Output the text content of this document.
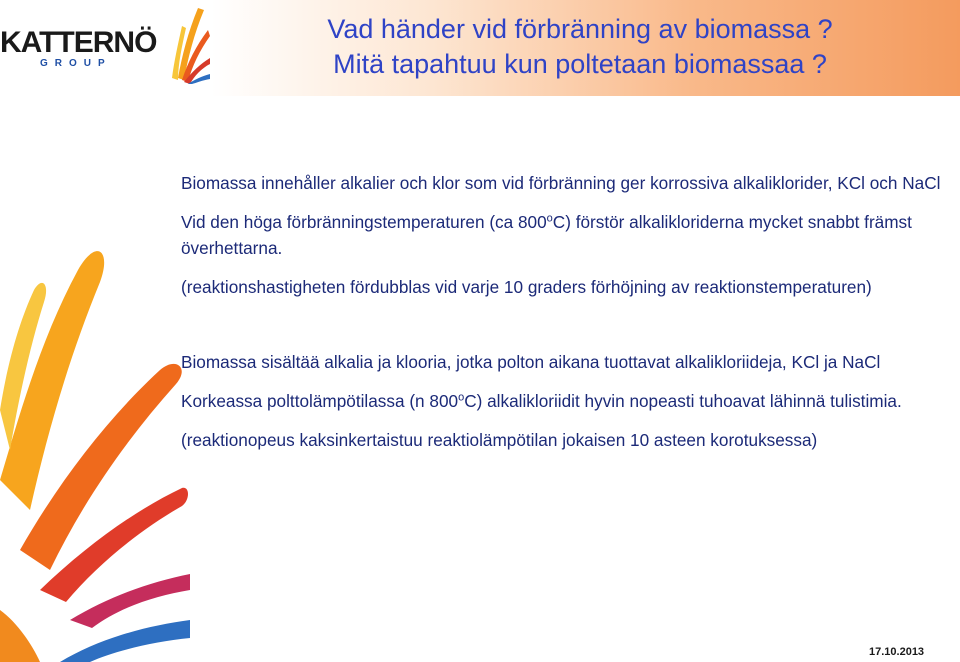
KATTERNÖ
GROUP
Vad händer vid förbränning av biomassa ?
Mitä tapahtuu kun poltetaan biomassaa ?

Biomassa innehåller alkalier och klor som vid förbränning ger korrossiva alkaliklorider, KCl och NaCl

Vid den höga förbränningstemperaturen (ca 800$^o$C) förstör alkalikloriderna mycket snabbt främst överhettarna.

(reaktionshastigheten fördubblas vid varje 10 graders förhöjning av reaktionstemperaturen)

Biomassa sisältää alkalia ja klooria, jotka polton aikana tuottavat alkalikloriideja, KCl ja NaCl

Korkeassa polttolämpötilassa (n 800$^o$C) alkalikloriidit hyvin nopeasti tuhoavat lähinnä tulistimia.

(reaktionopeus kaksinkertaistuu reaktiolämpötilan jokaisen 10 asteen korotuksessa)

17.10.2013
